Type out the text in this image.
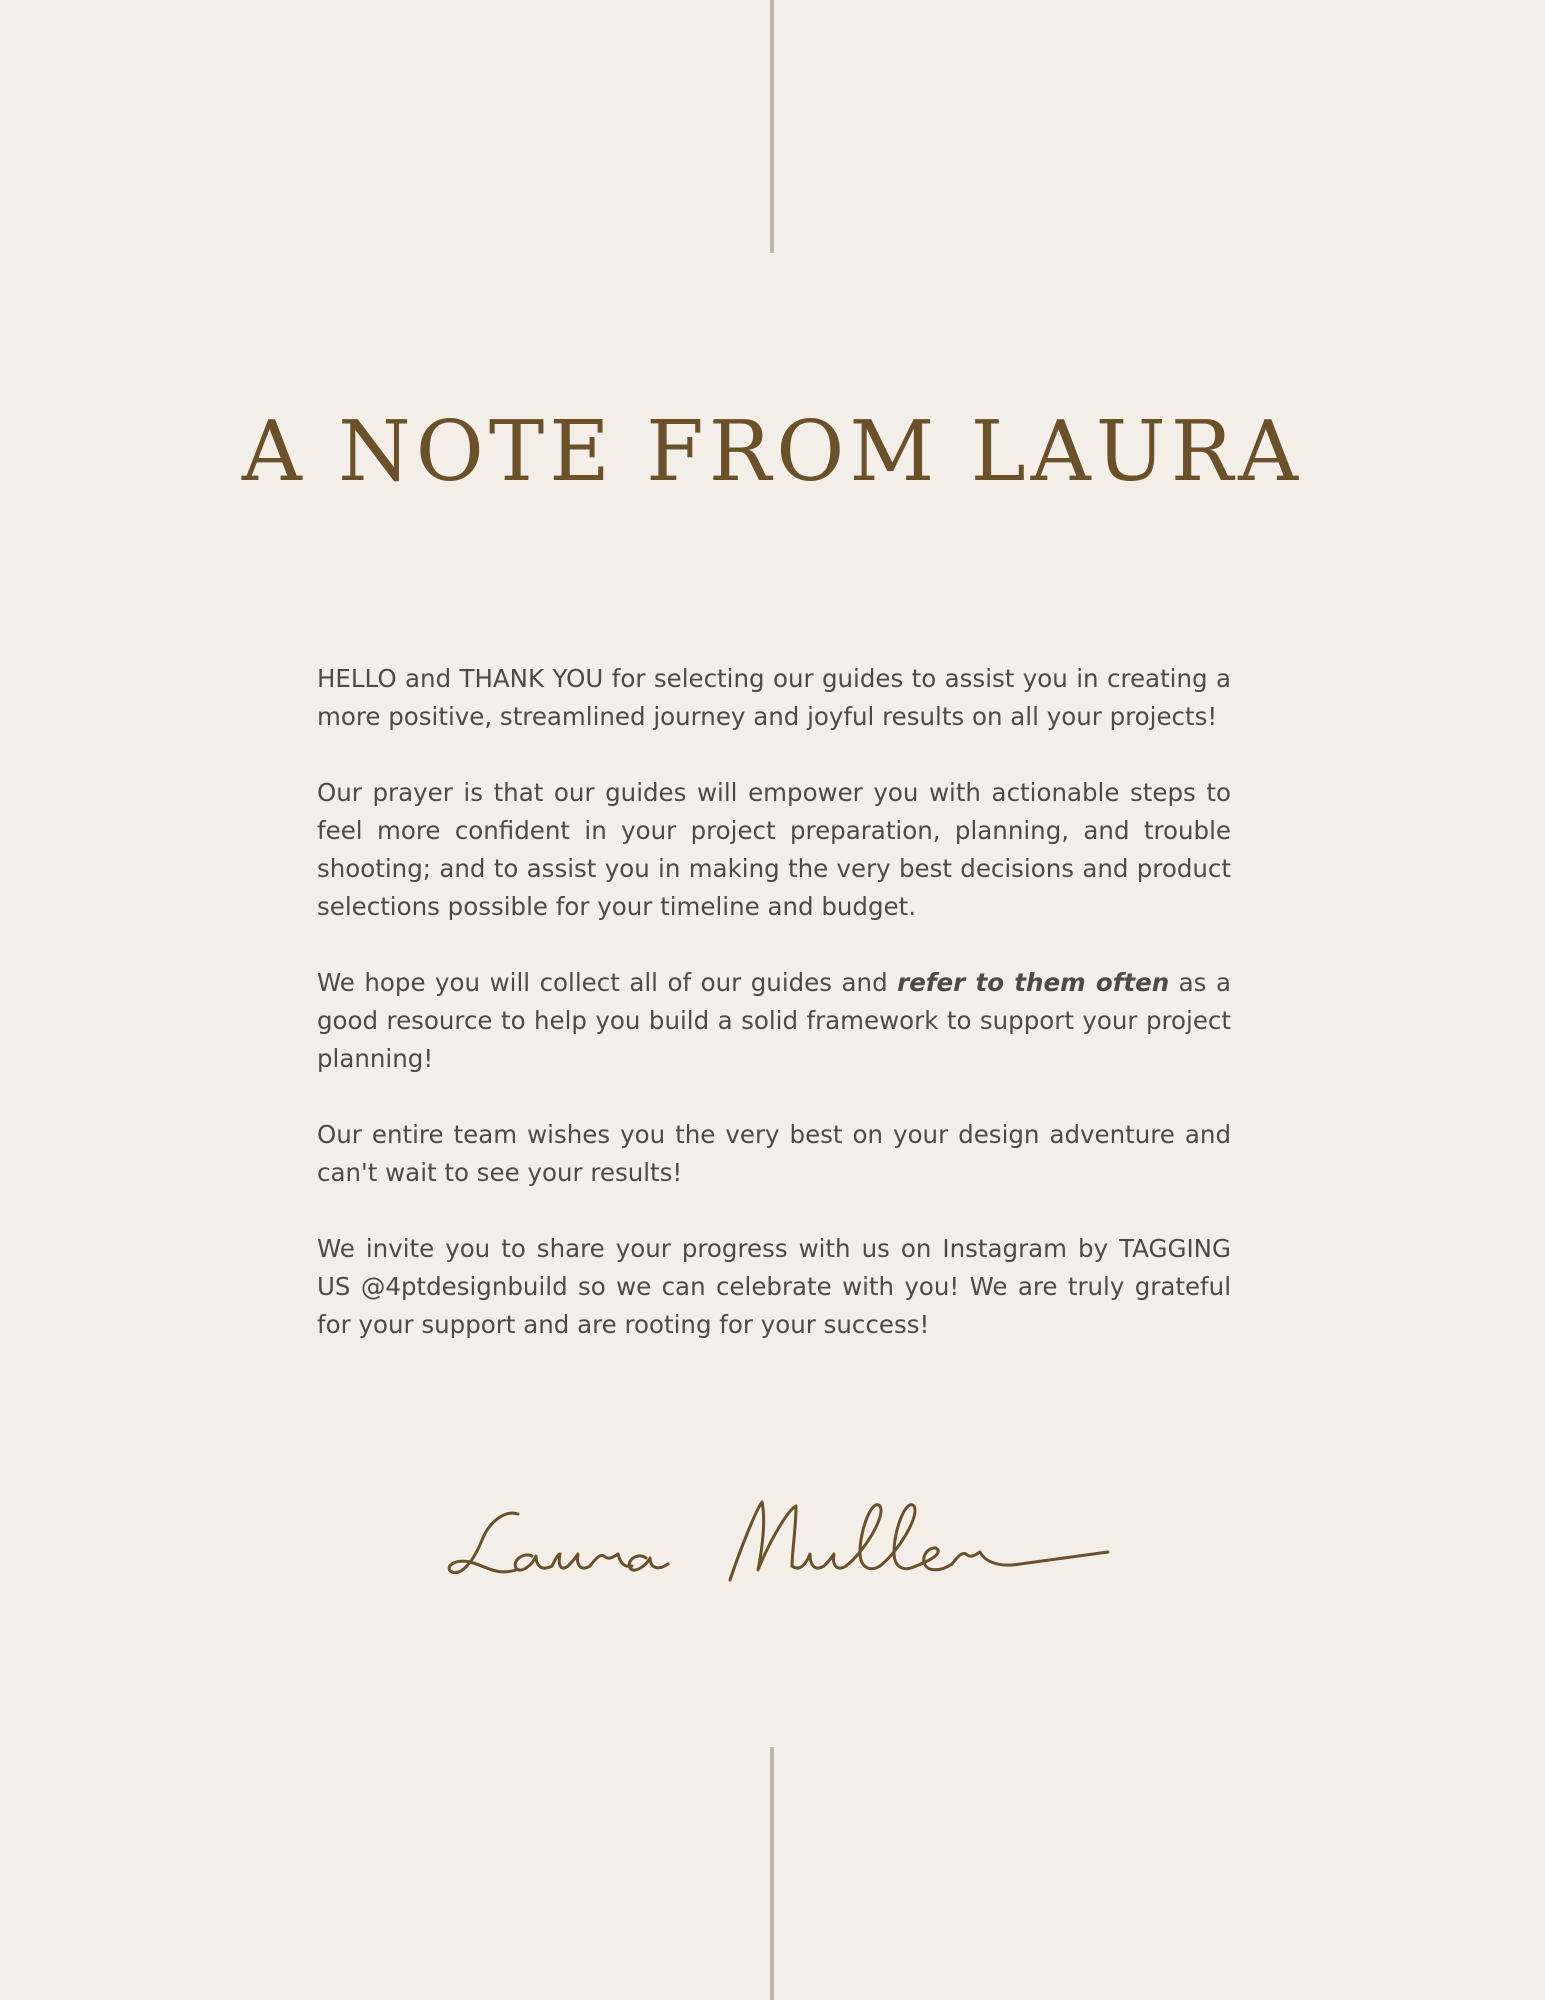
A NOTE FROM LAURA

HELLO and THANK YOU for selecting our guides to assist you in creating a more positive, streamlined journey and joyful results on all your projects!

Our prayer is that our guides will empower you with actionable steps to feel more confident in your project preparation, planning, and trouble shooting; and to assist you in making the very best decisions and product selections possible for your timeline and budget.

We hope you will collect all of our guides and refer to them often as a good resource to help you build a solid framework to support your project planning!

Our entire team wishes you the very best on your design adventure and can't wait to see your results!

We invite you to share your progress with us on Instagram by TAGGING US @4ptdesignbuild so we can celebrate with you! We are truly grateful for your support and are rooting for your success!
